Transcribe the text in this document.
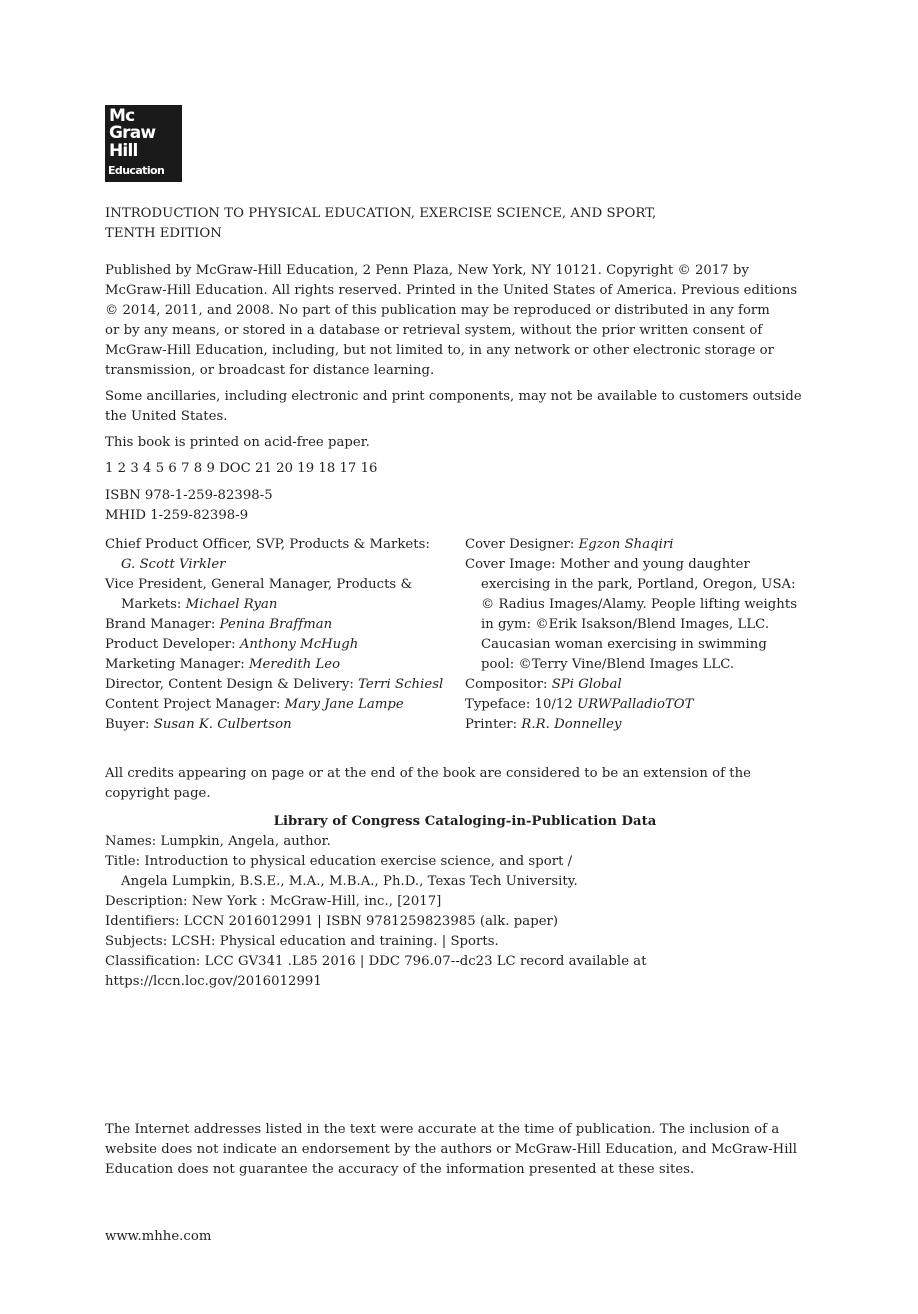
Mc
Graw
Hill
Education
INTRODUCTION TO PHYSICAL EDUCATION, EXERCISE SCIENCE, AND SPORT,
TENTH EDITION
Published by McGraw-Hill Education, 2 Penn Plaza, New York, NY 10121. Copyright © 2017 by
McGraw-Hill Education. All rights reserved. Printed in the United States of America. Previous editions
© 2014, 2011, and 2008. No part of this publication may be reproduced or distributed in any form
or by any means, or stored in a database or retrieval system, without the prior written consent of
McGraw-Hill Education, including, but not limited to, in any network or other electronic storage or
transmission, or broadcast for distance learning.
Some ancillaries, including electronic and print components, may not be available to customers outside
the United States.
This book is printed on acid-free paper.
1 2 3 4 5 6 7 8 9 DOC 21 20 19 18 17 16
ISBN 978-1-259-82398-5
MHID 1-259-82398-9
Chief Product Officer, SVP, Products & Markets:
G. Scott Virkler
Vice President, General Manager, Products &
Markets: Michael Ryan
Brand Manager: Penina Braffman
Product Developer: Anthony McHugh
Marketing Manager: Meredith Leo
Director, Content Design & Delivery: Terri Schiesl
Content Project Manager: Mary Jane Lampe
Buyer: Susan K. Culbertson
Cover Designer: Egzon Shaqiri
Cover Image: Mother and young daughter
exercising in the park, Portland, Oregon, USA:
© Radius Images/Alamy. People lifting weights
in gym: ©Erik Isakson/Blend Images, LLC.
Caucasian woman exercising in swimming
pool: ©Terry Vine/Blend Images LLC.
Compositor: SPi Global
Typeface: 10/12 URWPalladioTOT
Printer: R.R. Donnelley
All credits appearing on page or at the end of the book are considered to be an extension of the
copyright page.
Library of Congress Cataloging-in-Publication Data
Names: Lumpkin, Angela, author.
Title: Introduction to physical education exercise science, and sport /
Angela Lumpkin, B.S.E., M.A., M.B.A., Ph.D., Texas Tech University.
Description: New York : McGraw-Hill, inc., [2017]
Identifiers: LCCN 2016012991 | ISBN 9781259823985 (alk. paper)
Subjects: LCSH: Physical education and training. | Sports.
Classification: LCC GV341 .L85 2016 | DDC 796.07--dc23 LC record available at
https://lccn.loc.gov/2016012991
The Internet addresses listed in the text were accurate at the time of publication. The inclusion of a
website does not indicate an endorsement by the authors or McGraw-Hill Education, and McGraw-Hill
Education does not guarantee the accuracy of the information presented at these sites.
www.mhhe.com
